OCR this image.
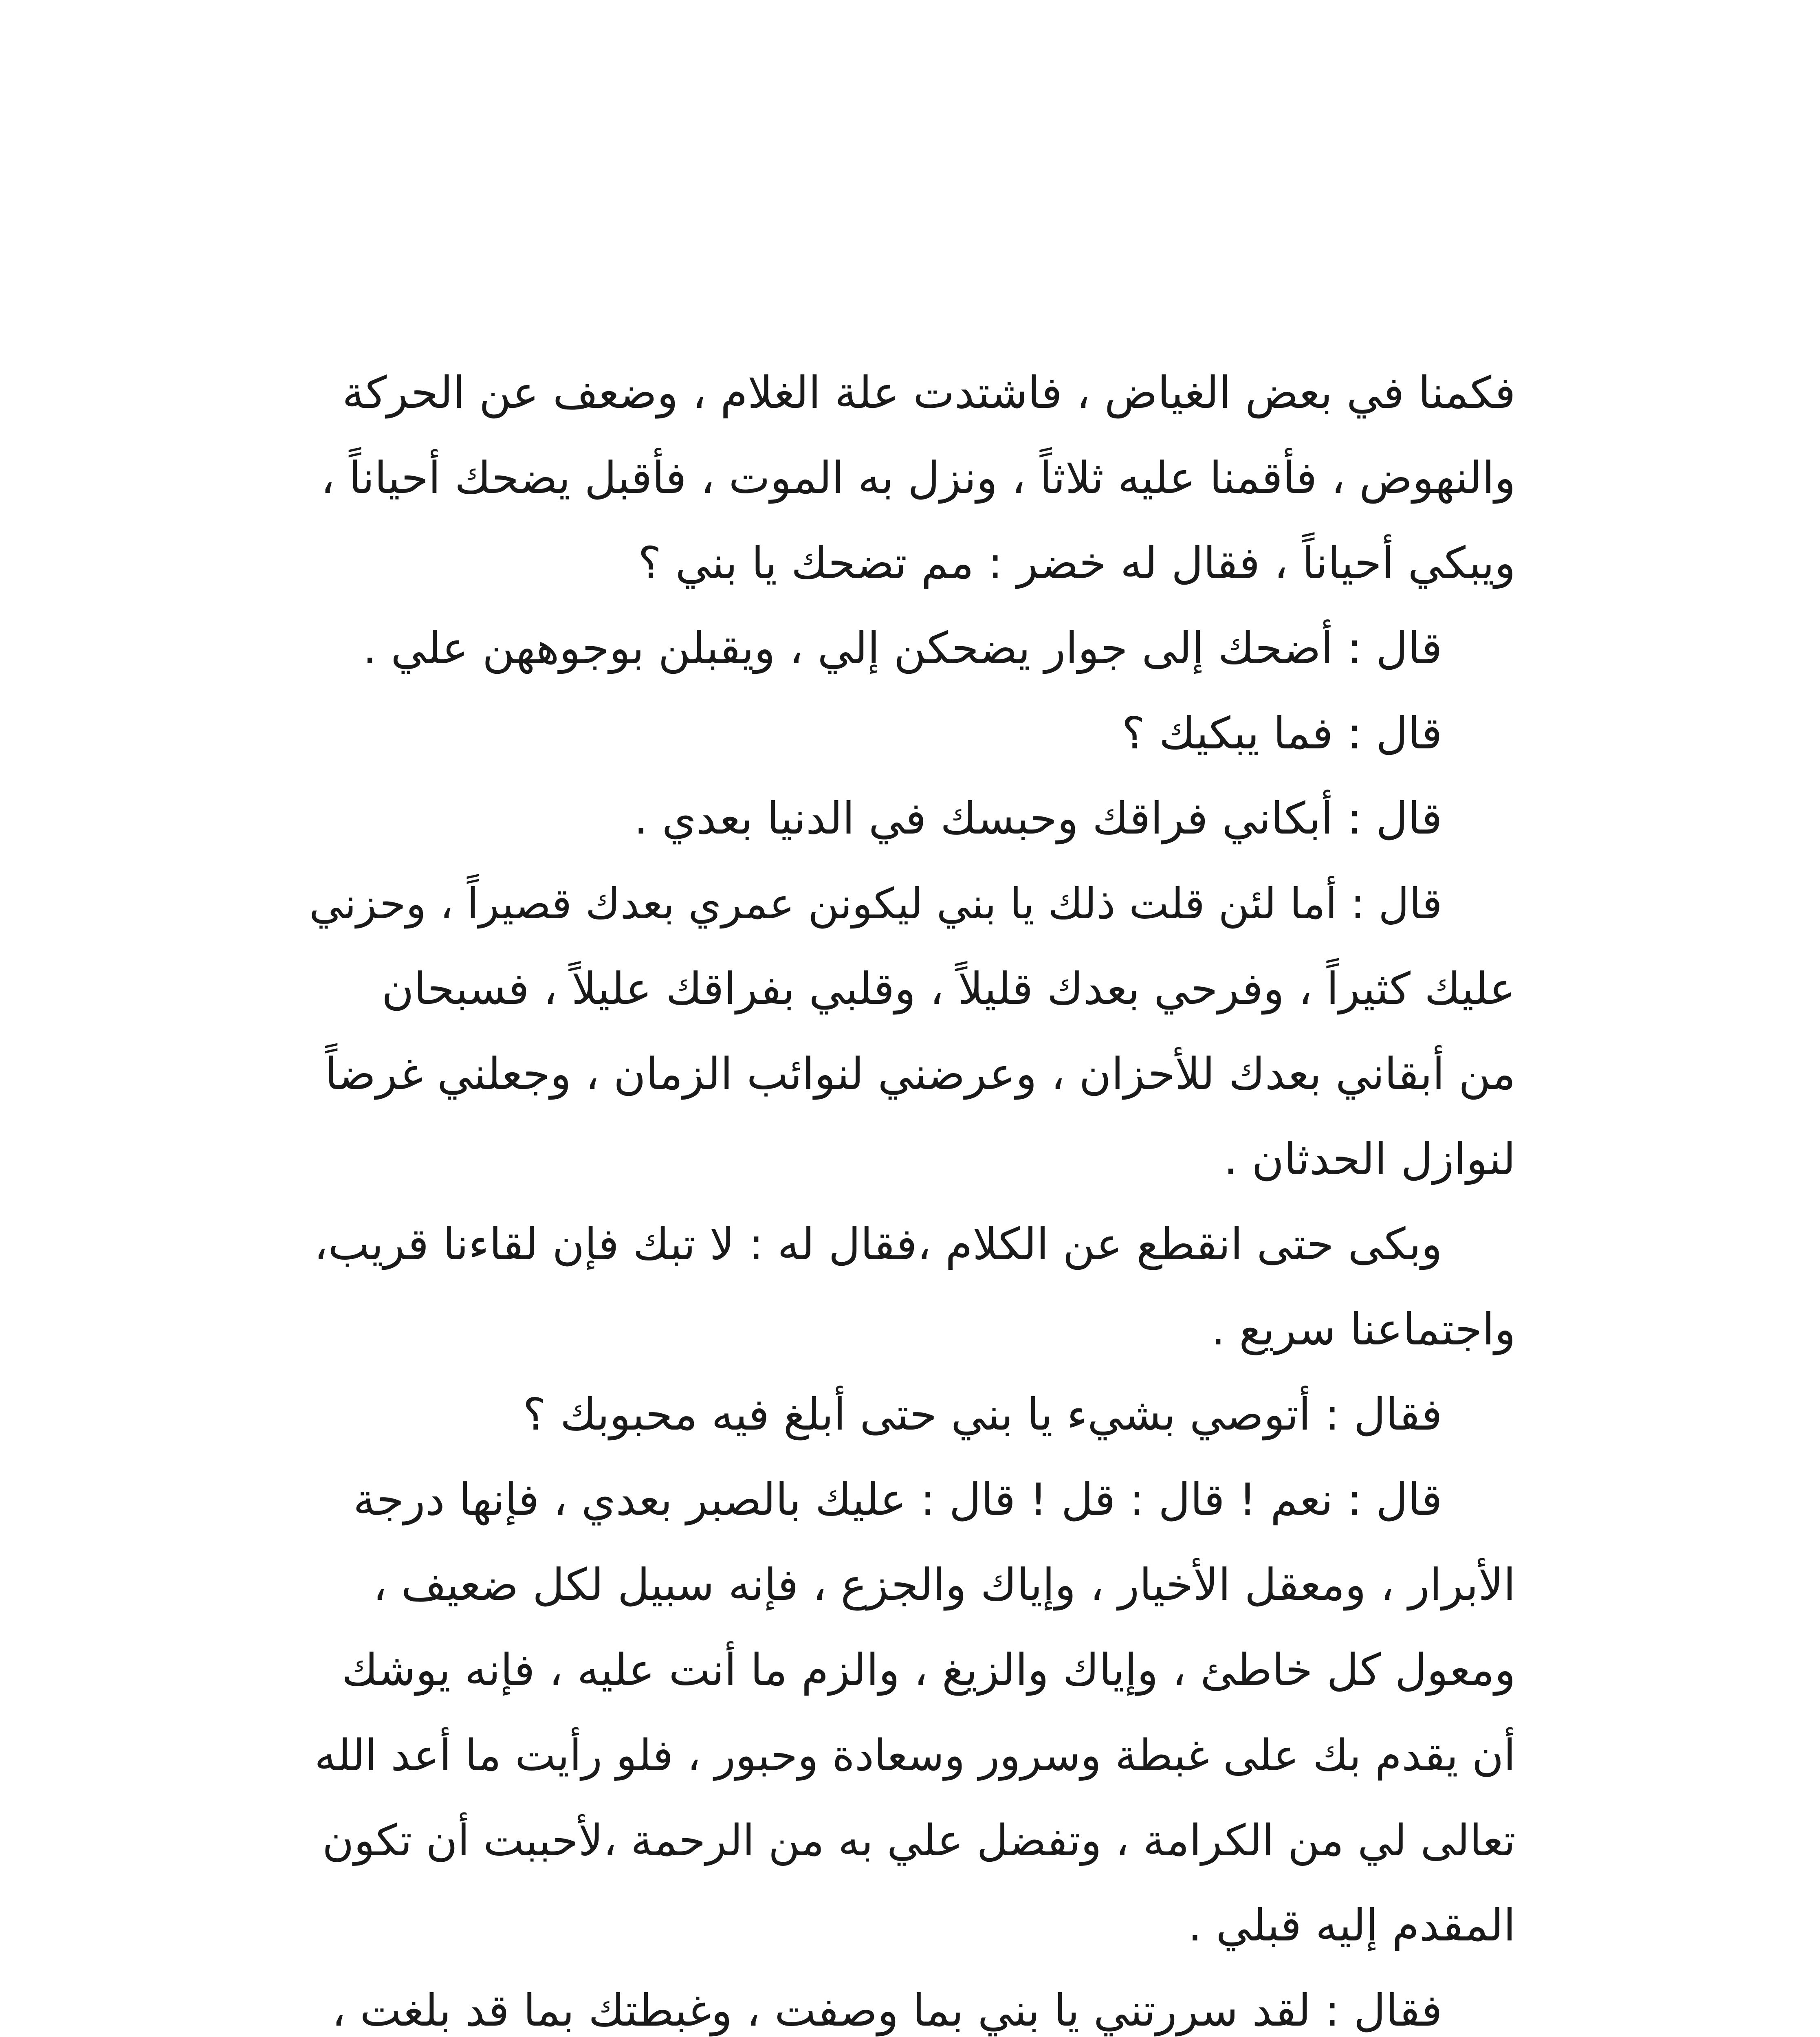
فكمنا في بعض الغياض ، فاشتدت علة الغلام ، وضعف عن الحركة
والنهوض ، فأقمنا عليه ثلاثاً ، ونزل به الموت ، فأقبل يضحك أحياناً ،
ويبكي أحياناً ، فقال له خضر : مم تضحك يا بني ؟
قال : أضحك إلى جوار يضحكن إلي ، ويقبلن بوجوههن علي .
قال : فما يبكيك ؟
قال : أبكاني فراقك وحبسك في الدنيا بعدي .
قال : أما لئن قلت ذلك يا بني ليكونن عمري بعدك قصيراً ، وحزني
عليك كثيراً ، وفرحي بعدك قليلاً ، وقلبي بفراقك عليلاً ، فسبحان
من أبقاني بعدك للأحزان ، وعرضني لنوائب الزمان ، وجعلني غرضاً
لنوازل الحدثان .
وبكى حتى انقطع عن الكلام ،فقال له : لا تبك فإن لقاءنا قريب،
واجتماعنا سريع .
فقال : أتوصي بشيء يا بني حتى أبلغ فيه محبوبك ؟
قال : نعم ! قال : قل ! قال : عليك بالصبر بعدي ، فإنها درجة
الأبرار ، ومعقل الأخيار ، وإياك والجزع ، فإنه سبيل لكل ضعيف ،
ومعول كل خاطئ ، وإياك والزيغ ، والزم ما أنت عليه ، فإنه يوشك
أن يقدم بك على غبطة وسرور وسعادة وحبور ، فلو رأيت ما أعد الله
تعالى لي من الكرامة ، وتفضل علي به من الرحمة ،لأحببت أن تكون
المقدم إليه قبلي .
فقال : لقد سررتني يا بني بما وصفت ، وغبطتك بما قد بلغت ،
